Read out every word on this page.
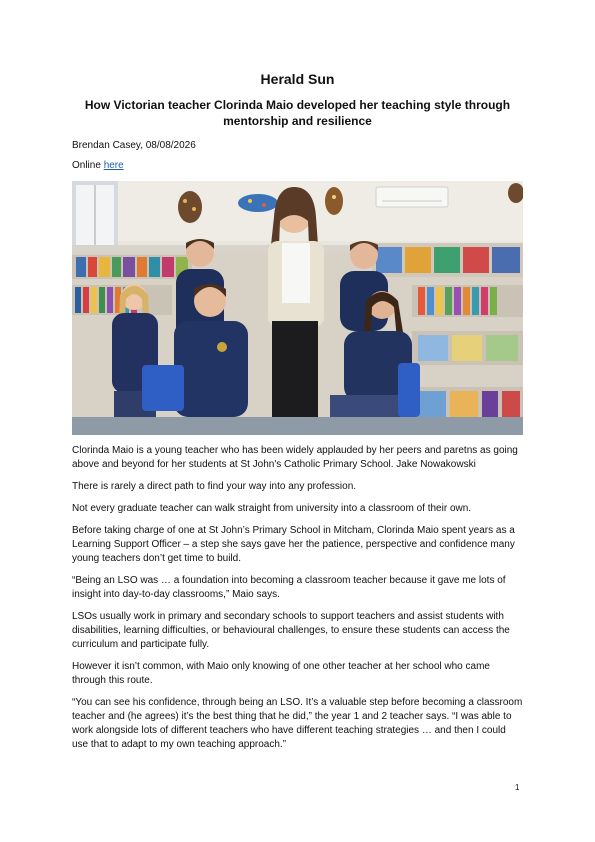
Herald Sun
How Victorian teacher Clorinda Maio developed her teaching style through mentorship and resilience
Brendan Casey, 08/08/2026
Online here

Clorinda Maio is a young teacher who has been widely applauded by her peers and paretns as going above and beyond for her students at St John's Catholic Primary School. Jake Nowakowski

There is rarely a direct path to find your way into any profession.

Not every graduate teacher can walk straight from university into a classroom of their own.

Before taking charge of one at St John’s Primary School in Mitcham, Clorinda Maio spent years as a Learning Support Officer – a step she says gave her the patience, perspective and confidence many young teachers don’t get time to build.

“Being an LSO was … a foundation into becoming a classroom teacher because it gave me lots of insight into day-to-day classrooms,” Maio says.

LSOs usually work in primary and secondary schools to support teachers and assist students with disabilities, learning difficulties, or behavioural challenges, to ensure these students can access the curriculum and participate fully.

However it isn’t common, with Maio only knowing of one other teacher at her school who came through this route.

“You can see his confidence, through being an LSO. It’s a valuable step before becoming a classroom teacher and (he agrees) it’s the best thing that he did,” the year 1 and 2 teacher says. “I was able to work alongside lots of different teachers who have different teaching strategies … and then I could use that to adapt to my own teaching approach.”

1
